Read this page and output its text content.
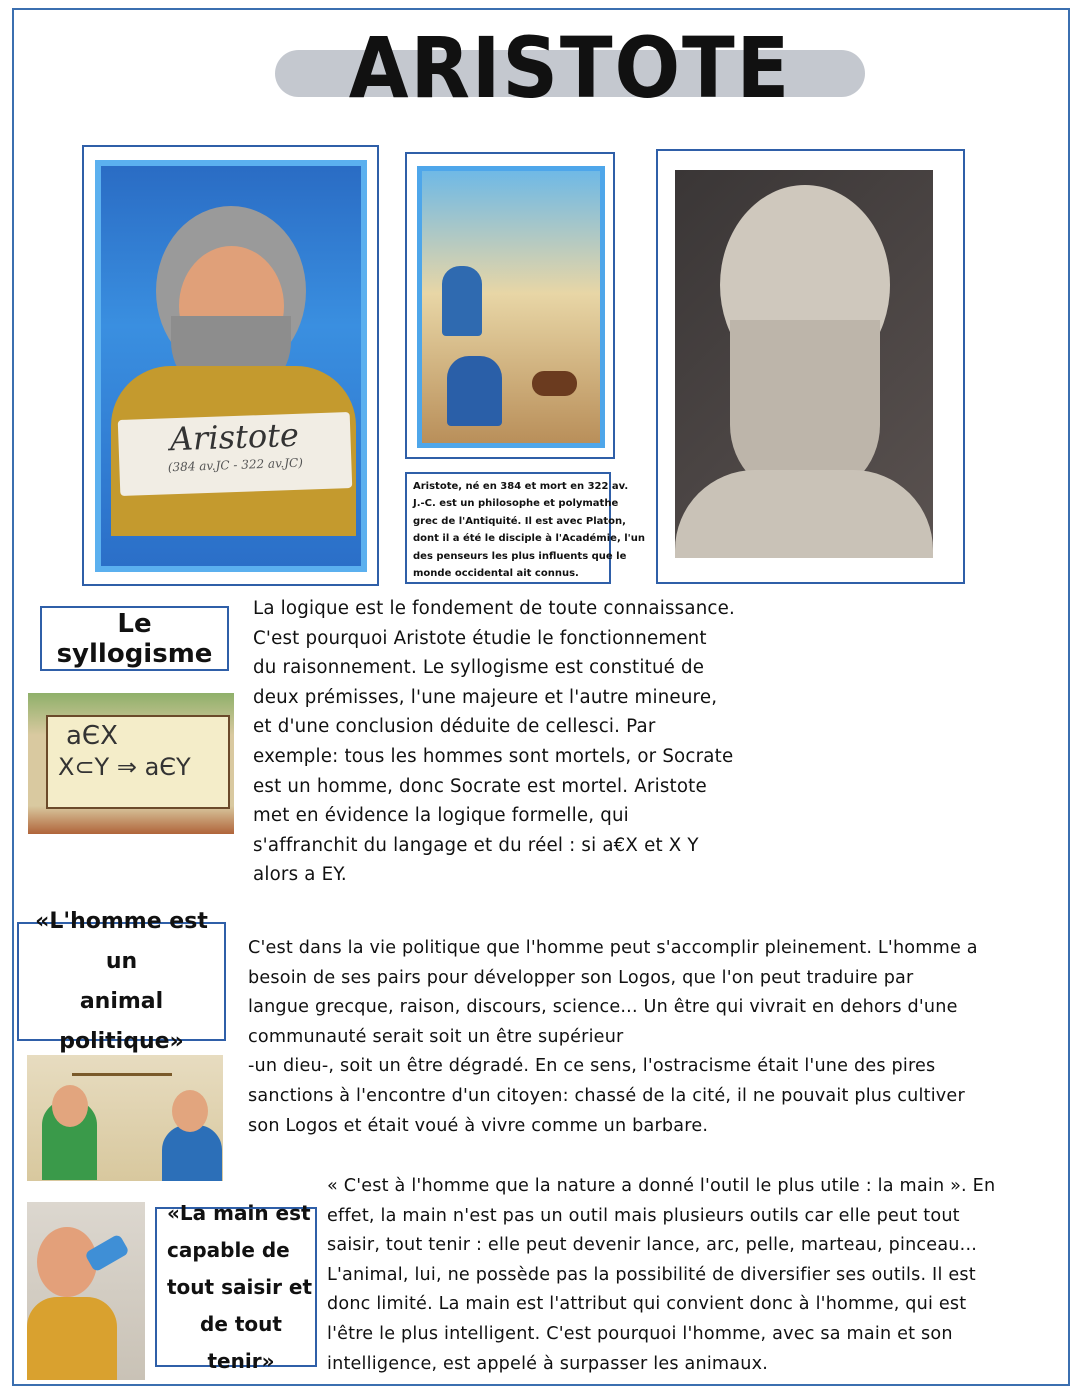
ARISTOTE
Aristote
(384 av.JC - 322 av.JC)
Aristote, né en 384 et mort en 322 av.
J.-C. est un philosophe et polymathe
grec de l'Antiquité. Il est avec Platon,
dont il a été le disciple à l'Académie, l'un
des penseurs les plus influents que le
monde occidental ait connus.
Le syllogisme
aЄX
X⊂Y ⇒ aЄY
La logique est le fondement de toute connaissance.
C'est pourquoi Aristote étudie le fonctionnement
du raisonnement. Le syllogisme est constitué de
deux prémisses, l'une majeure et l'autre mineure,
et d'une conclusion déduite de cellesci. Par
exemple: tous les hommes sont mortels, or Socrate
est un homme, donc Socrate est mortel. Aristote
met en évidence la logique formelle, qui
s'affranchit du langage et du réel : si a€X et X Y
alors a EY.
«L'homme est un
animal politique»
C'est dans la vie politique que l'homme peut s'accomplir pleinement. L'homme a
besoin de ses pairs pour développer son Logos, que l'on peut traduire par
langue grecque, raison, discours, science... Un être qui vivrait en dehors d'une
communauté serait soit un être supérieur
-un dieu-, soit un être dégradé. En ce sens, l'ostracisme était l'une des pires
sanctions à l'encontre d'un citoyen: chassé de la cité, il ne pouvait plus cultiver
son Logos et était voué à vivre comme un barbare.
«La main est
capable de
tout saisir et
de tout tenir»
« C'est à l'homme que la nature a donné l'outil le plus utile : la main ». En
effet, la main n'est pas un outil mais plusieurs outils car elle peut tout
saisir, tout tenir : elle peut devenir lance, arc, pelle, marteau, pinceau...
L'animal, lui, ne possède pas la possibilité de diversifier ses outils. Il est
donc limité. La main est l'attribut qui convient donc à l'homme, qui est
l'être le plus intelligent. C'est pourquoi l'homme, avec sa main et son
intelligence, est appelé à surpasser les animaux.
